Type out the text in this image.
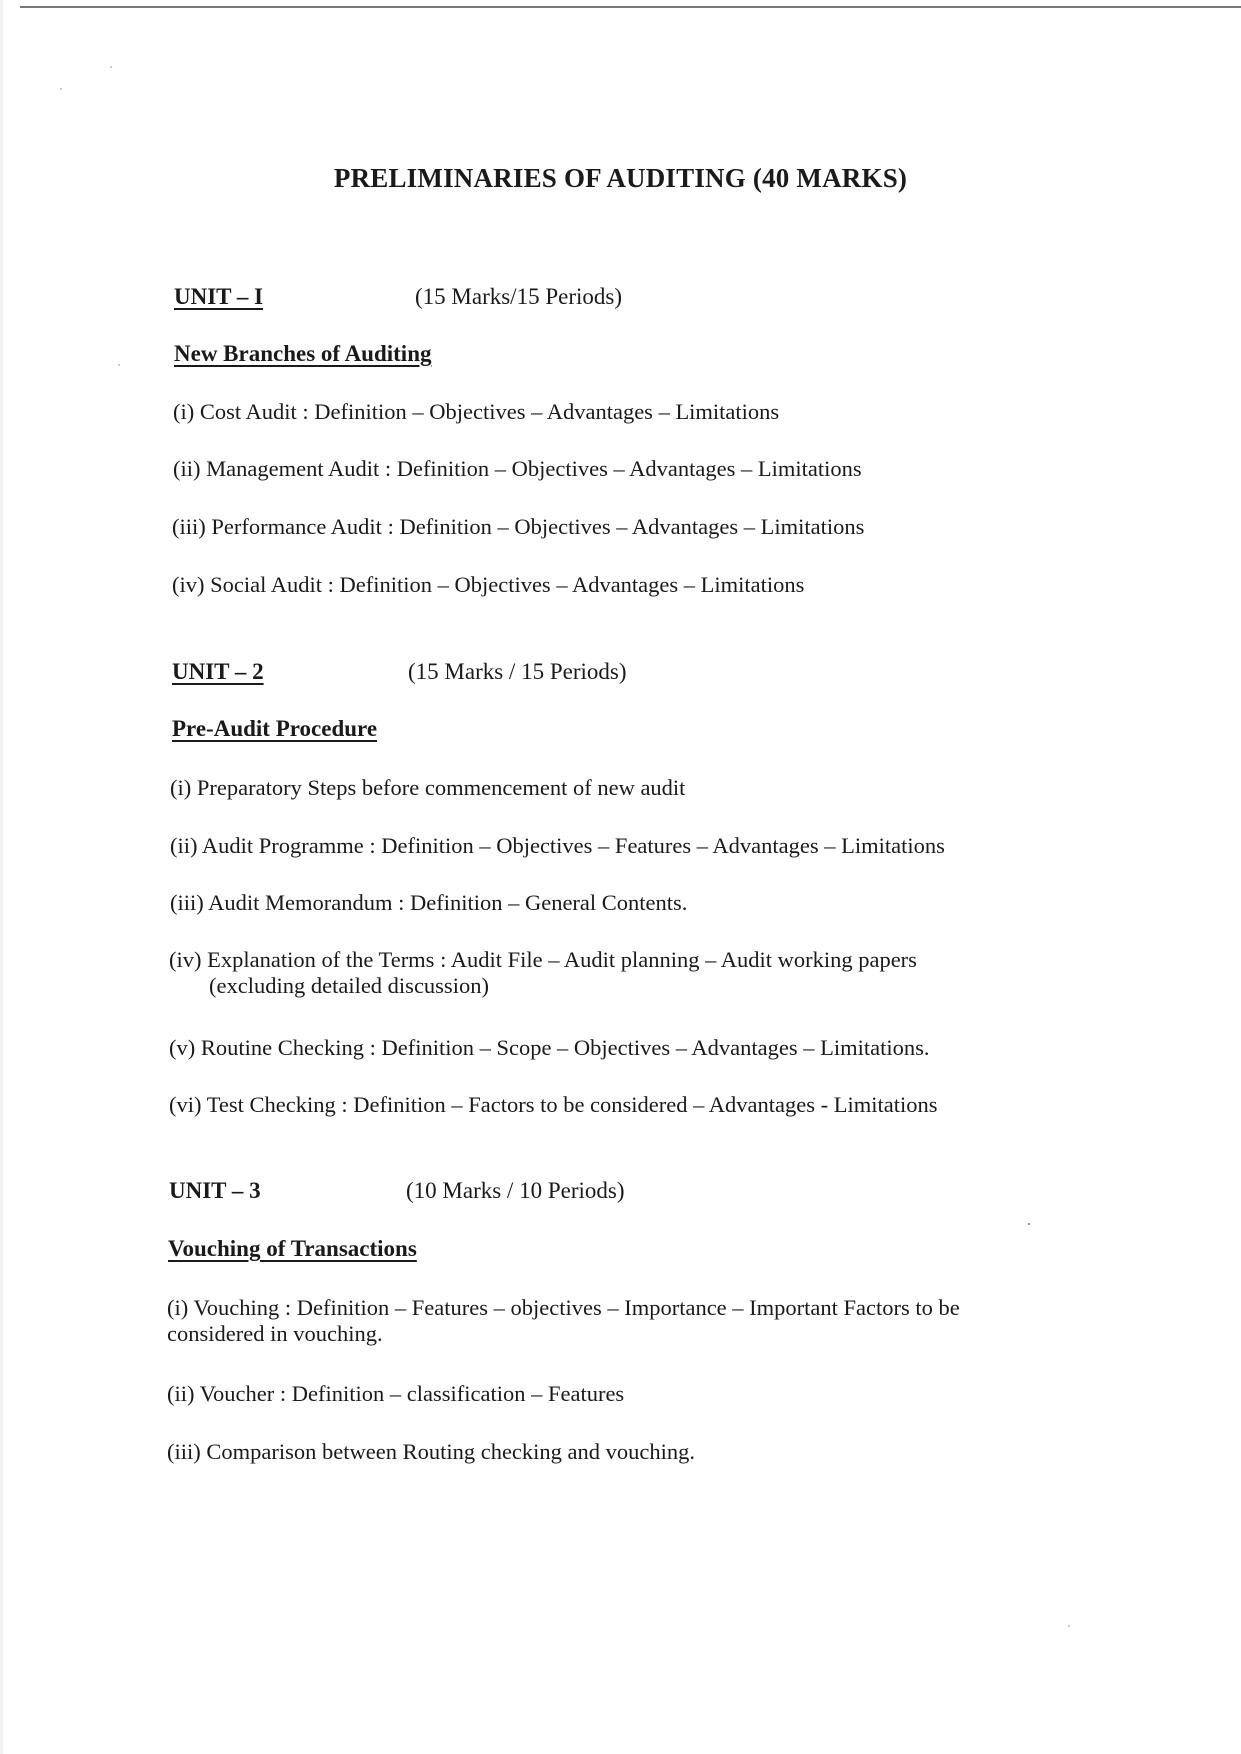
PRELIMINARIES OF AUDITING (40 MARKS)
UNIT – I	(15 Marks/15 Periods)
New Branches of Auditing
(i) Cost Audit : Definition – Objectives – Advantages – Limitations
(ii) Management Audit : Definition – Objectives – Advantages – Limitations
(iii) Performance Audit : Definition – Objectives – Advantages – Limitations
(iv) Social Audit : Definition – Objectives – Advantages – Limitations
UNIT – 2	(15 Marks / 15 Periods)
Pre-Audit Procedure
(i) Preparatory Steps before commencement of new audit
(ii) Audit Programme : Definition – Objectives – Features – Advantages – Limitations
(iii) Audit Memorandum : Definition – General Contents.
(iv) Explanation of the Terms : Audit File – Audit planning – Audit working papers
(excluding detailed discussion)
(v) Routine Checking : Definition – Scope – Objectives – Advantages – Limitations.
(vi) Test Checking : Definition – Factors to be considered – Advantages - Limitations
UNIT – 3	(10 Marks / 10 Periods)
Vouching of Transactions
(i) Vouching : Definition – Features – objectives – Importance – Important Factors to be
considered in vouching.
(ii) Voucher : Definition – classification – Features
(iii) Comparison between Routing checking and vouching.
